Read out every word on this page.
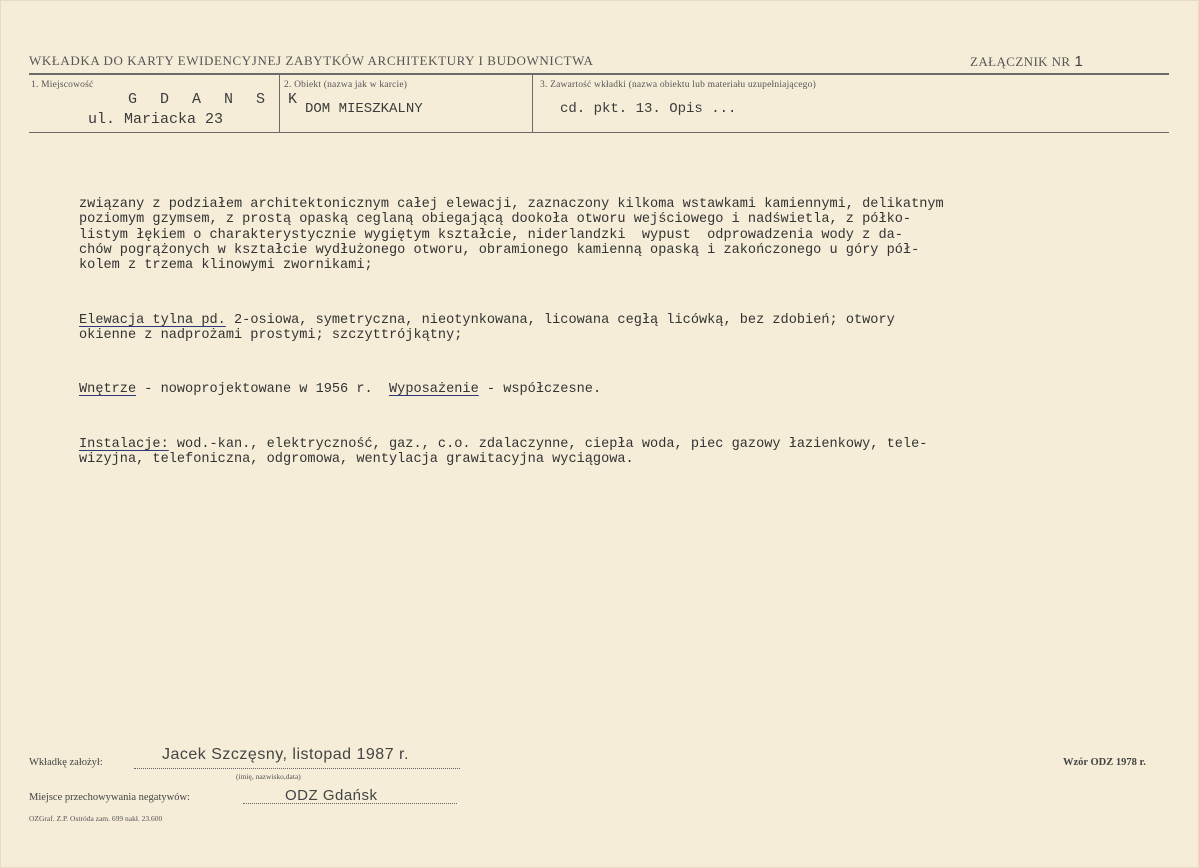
WKŁADKA DO KARTY EWIDENCYJNEJ ZABYTKÓW ARCHITEKTURY I BUDOWNICTWA	ZAŁĄCZNIK NR 1
1. Miejscowość
G D A N S K
ul. Mariacka 23
2. Obiekt (nazwa jak w karcie)
DOM MIESZKALNY
3. Zawartość wkładki (nazwa obiektu lub materiału uzupełniającego)
cd. pkt. 13. Opis ...

związany z podziałem architektonicznym całej elewacji, zaznaczony kilkoma wstawkami kamiennymi, delikatnym
poziomym gzymsem, z prostą opaską ceglaną obiegającą dookoła otworu wejściowego i nadświetla, z półko-
listym łękiem o charakterystycznie wygiętym kształcie, niderlandzki  wypust  odprowadzenia wody z da-
chów pogrążonych w kształcie wydłużonego otworu, obramionego kamienną opaską i zakończonego u góry pół-
kolem z trzema klinowymi zwornikami;

Elewacja tylna pd. 2-osiowa, symetryczna, nieotynkowana, licowana cegłą licówką, bez zdobień; otwory
okienne z nadprożami prostymi; szczyttrójkątny;

Wnętrze - nowoprojektowane w 1956 r.  Wyposażenie - współczesne.

Instalacje: wod.-kan., elektryczność, gaz., c.o. zdalaczynne, ciepła woda, piec gazowy łazienkowy, tele-
wizyjna, telefoniczna, odgromowa, wentylacja grawitacyjna wyciągowa.

Wkładkę założył:	Jacek Szczęsny, listopad 1987 r.
(imię, nazwisko,data)
Miejsce przechowywania negatywów:	ODZ Gdańsk
Wzór ODZ 1978 r.
OZGraf. Z.P. Ostróda zam. 699 nakł. 23.600
